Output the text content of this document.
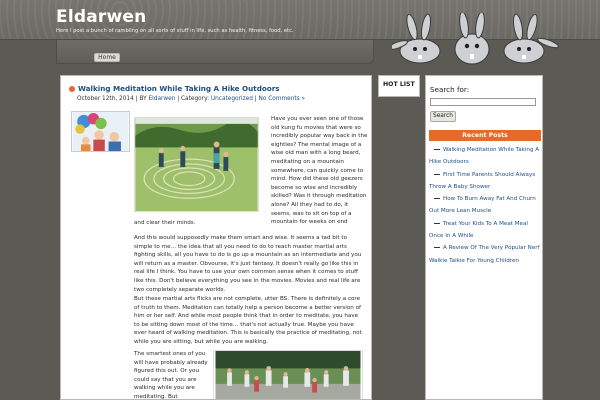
Eldarwen
Here I post a bunch of rambling on all sorts of stuff in life, such as health, fitness, food, etc.
Home
Walking Meditation While Taking A Hike Outdoors
October 12th, 2014 | BY Eldarwen | Category: Uncategorized | No Comments »

Have you ever seen one of those old kung fu movies that were so incredibly popular way back in the eighties? The mental image of a wise old man with a long beard, meditating on a mountain somewhere, can quickly come to mind. How did these old geezers become so wise and incredibly skilled? Was it through meditation alone? All they had to do, it seems, was to sit on top of a mountain for weeks on end

and clear their minds.

And this would supposedly make them smart and wise. It seems a tad bit to simple to me… the idea that all you need to do to reach master martial arts fighting skills, all you have to do is go up a mountain as an intermediate and you will return as a master. Obvourse, it's just fantasy. It doesn't really go like this in real life I think. You have to use your own common sense when it comes to stuff like this. Don't believe everything you see in the movies. Movies and real life are two completely separate worlds.

But these martial arts flicks are not complete, utter BS. There is definitely a core of truth to them. Meditation can totally help a person become a better version of him or her self. And while most people think that in order to meditate, you have to be sitting down most of the time… that's not actually true. Maybe you have ever heard of walking meditation. This is basically the practice of meditating, not while you are sitting, but while you are walking.

The smartest ones of you will have probably already figured this out. Or you could say that you are walking while you are meditating. But

HOT LIST
Search for:
Search
Recent Posts
Walking Meditation While Taking A Hike Outdoors
First Time Parents Should Always Throw A Baby Shower
How To Burn Away Fat And Churn Out More Lean Muscle
Treat Your Kids To A Meat Meal Once In A While
A Review Of The Very Popular Nerf Walkie Talkie For Young Children
